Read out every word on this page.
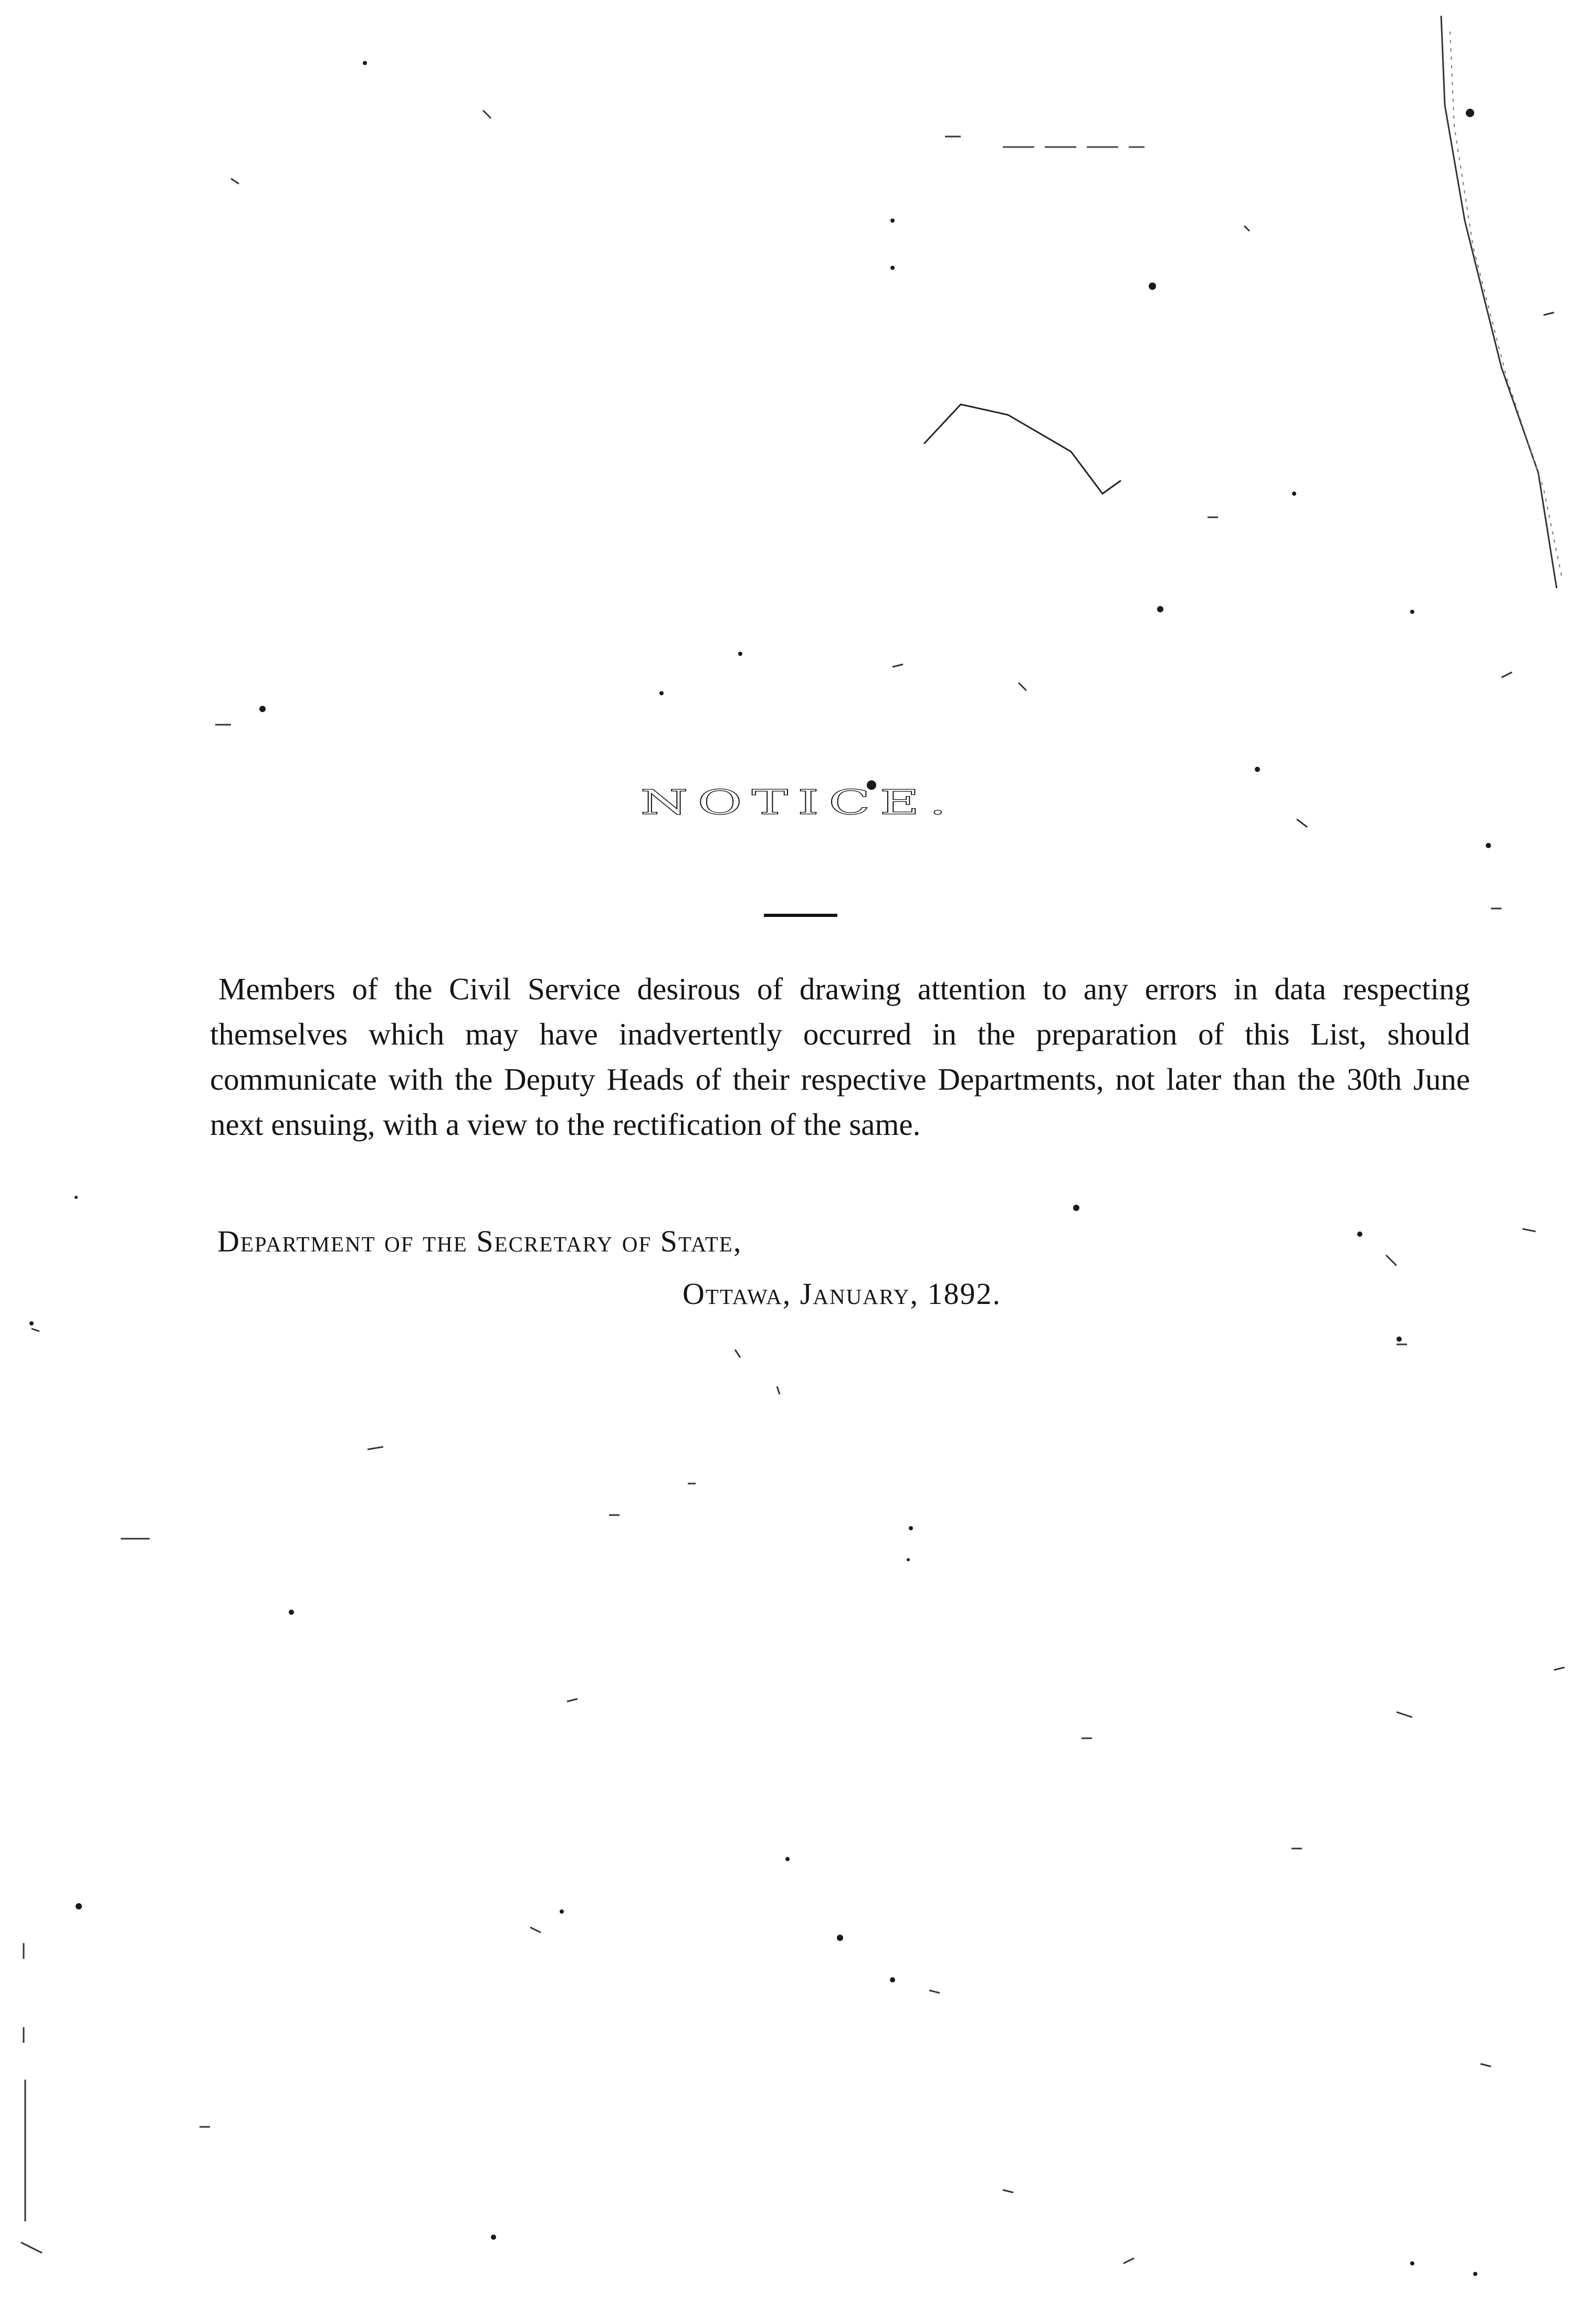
NOTICE.
Members of the Civil Service desirous of drawing attention to any errors in data respecting themselves which may have inadvertently occurred in the preparation of this List, should communicate with the Deputy Heads of their respective Departments, not later than the 30th June next ensuing, with a view to the rectification of the same.
Department of the Secretary of State,
Ottawa, January, 1892.
